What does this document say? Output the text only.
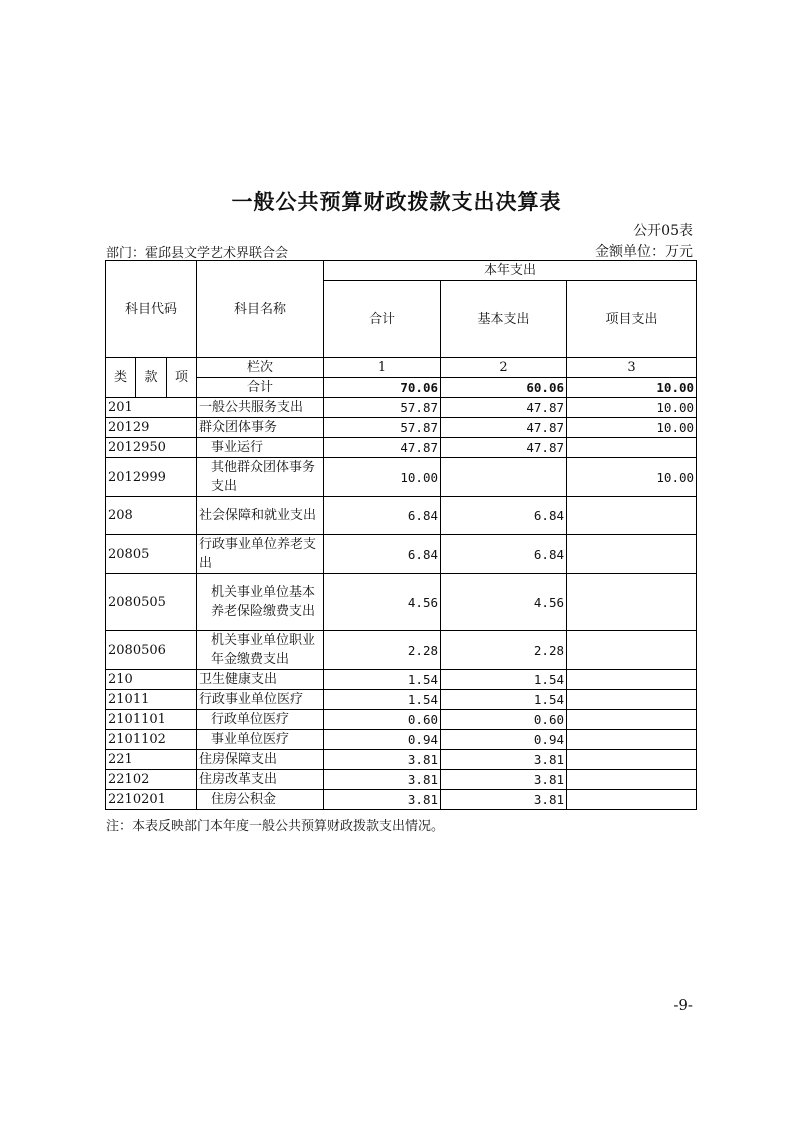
一般公共预算财政拨款支出决算表
公开05表
部门：霍邱县文学艺术界联合会	金额单位：万元
科目代码			科目名称	本年支出		
				合计	基本支出	项目支出
类	款	项	栏次	1	2	3
			合计	70.06	60.06	10.00
201			一般公共服务支出	57.87	47.87	10.00
20129			群众团体事务	57.87	47.87	10.00
2012950			事业运行	47.87	47.87	
2012999			其他群众团体事务支出	10.00		10.00
208			社会保障和就业支出	6.84	6.84	
20805			行政事业单位养老支出	6.84	6.84	
2080505			机关事业单位基本养老保险缴费支出	4.56	4.56	
2080506			机关事业单位职业年金缴费支出	2.28	2.28	
210			卫生健康支出	1.54	1.54	
21011			行政事业单位医疗	1.54	1.54	
2101101			行政单位医疗	0.60	0.60	
2101102			事业单位医疗	0.94	0.94	
221			住房保障支出	3.81	3.81	
22102			住房改革支出	3.81	3.81	
2210201			住房公积金	3.81	3.81	
注：本表反映部门本年度一般公共预算财政拨款支出情况。
-9-
